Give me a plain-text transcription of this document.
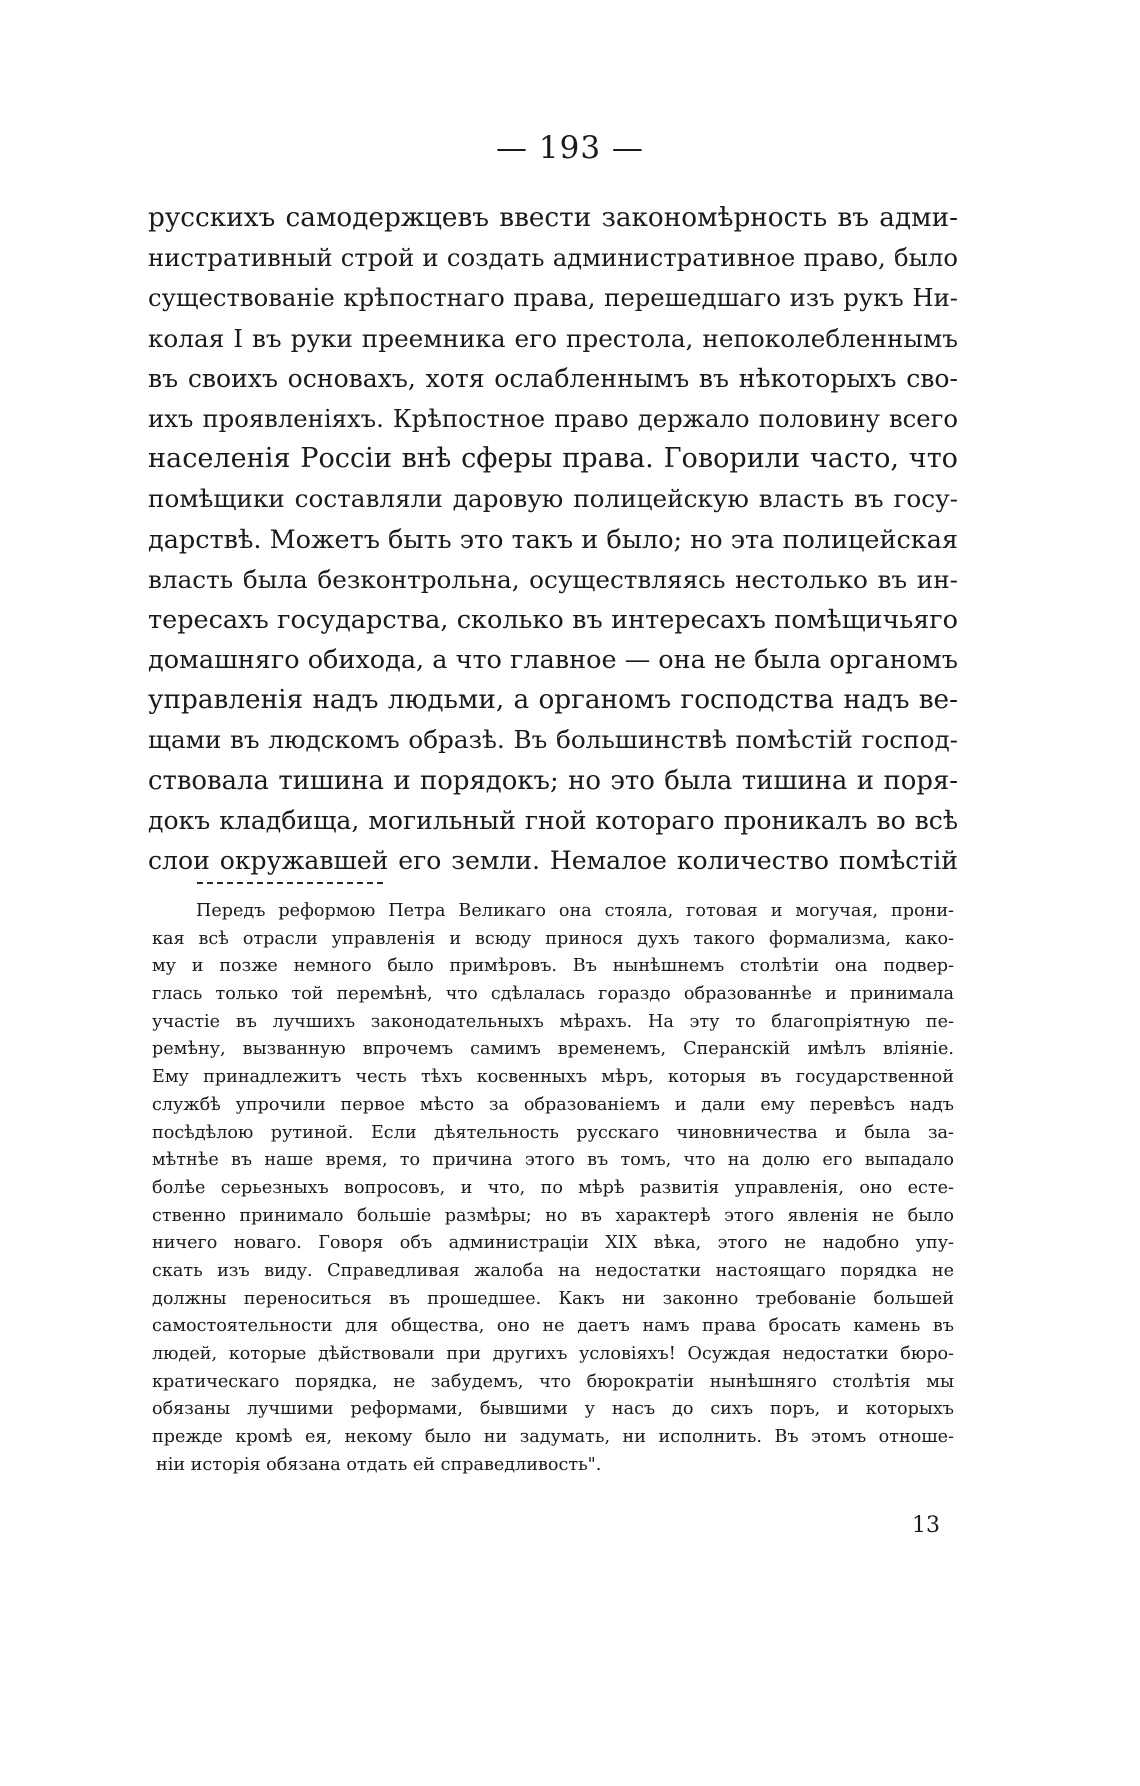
— 193 —
русскихъ самодержцевъ ввести закономѣрность въ адми-
нистративный строй и создать административное право, было
существованіе крѣпостнаго права, перешедшаго изъ рукъ Ни-
колая I въ руки преемника его престола, непоколебленнымъ
въ своихъ основахъ, хотя ослабленнымъ въ нѣкоторыхъ сво-
ихъ проявленіяхъ. Крѣпостное право держало половину всего
населенія Россіи внѣ сферы права. Говорили часто, что
помѣщики составляли даровую полицейскую власть въ госу-
дарствѣ. Можетъ быть это такъ и было; но эта полицейская
власть была безконтрольна, осуществляясь нестолько въ ин-
тересахъ государства, сколько въ интересахъ помѣщичьяго
домашняго обихода, а что главное — она не была органомъ
управленія надъ людьми, а органомъ господства надъ ве-
щами въ людскомъ образѣ. Въ большинствѣ помѣстій господ-
ствовала тишина и порядокъ; но это была тишина и поря-
докъ кладбища, могильный гной котораго проникалъ во всѣ
слои окружавшей его земли. Немалое количество помѣстій
Передъ реформою Петра Великаго она стояла, готовая и могучая, прони-
кая всѣ отрасли управленія и всюду принося духъ такого формализма, како-
му и позже немного было примѣровъ. Въ нынѣшнемъ столѣтіи она подвер-
глась только той перемѣнѣ, что сдѣлалась гораздо образованнѣе и принимала
участіе въ лучшихъ законодательныхъ мѣрахъ. На эту то благопріятную пе-
ремѣну, вызванную впрочемъ самимъ временемъ, Сперанскій имѣлъ вліяніе.
Ему принадлежитъ честь тѣхъ косвенныхъ мѣръ, которыя въ государственной
службѣ упрочили первое мѣсто за образованіемъ и дали ему перевѣсъ надъ
посѣдѣлою рутиной. Если дѣятельность русскаго чиновничества и была за-
мѣтнѣе въ наше время, то причина этого въ томъ, что на долю его выпадало
болѣе серьезныхъ вопросовъ, и что, по мѣрѣ развитія управленія, оно есте-
ственно принимало большіе размѣры; но въ характерѣ этого явленія не было
ничего новаго. Говоря объ администраціи XIX вѣка, этого не надобно упу-
скать изъ виду. Справедливая жалоба на недостатки настоящаго порядка не
должны переноситься въ прошедшее. Какъ ни законно требованіе большей
самостоятельности для общества, оно не даетъ намъ права бросать камень въ
людей, которые дѣйствовали при другихъ условіяхъ! Осуждая недостатки бюро-
кратическаго порядка, не забудемъ, что бюрократіи нынѣшняго столѣтія мы
обязаны лучшими реформами, бывшими у насъ до сихъ поръ, и которыхъ
прежде кромѣ ея, некому было ни задумать, ни исполнить. Въ этомъ отноше-
ніи исторія обязана отдать ей справедливость".
13
